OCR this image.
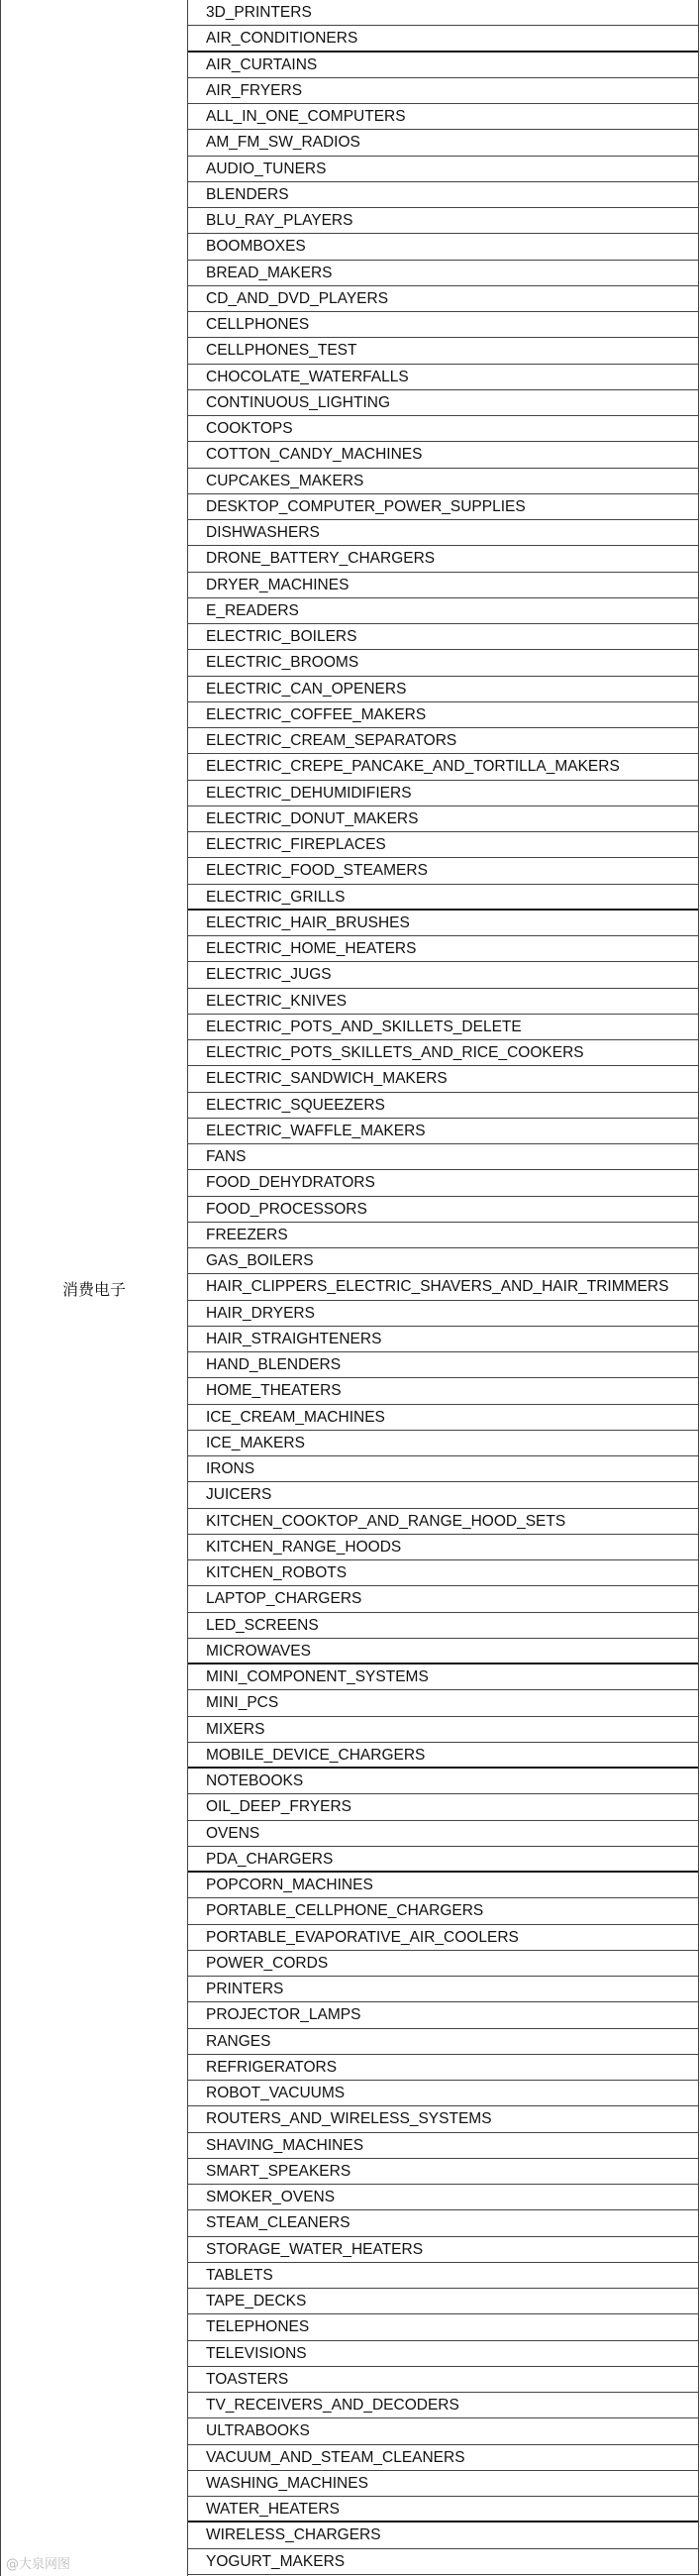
消费电子
3D_PRINTERS
AIR_CONDITIONERS
AIR_CURTAINS
AIR_FRYERS
ALL_IN_ONE_COMPUTERS
AM_FM_SW_RADIOS
AUDIO_TUNERS
BLENDERS
BLU_RAY_PLAYERS
BOOMBOXES
BREAD_MAKERS
CD_AND_DVD_PLAYERS
CELLPHONES
CELLPHONES_TEST
CHOCOLATE_WATERFALLS
CONTINUOUS_LIGHTING
COOKTOPS
COTTON_CANDY_MACHINES
CUPCAKES_MAKERS
DESKTOP_COMPUTER_POWER_SUPPLIES
DISHWASHERS
DRONE_BATTERY_CHARGERS
DRYER_MACHINES
E_READERS
ELECTRIC_BOILERS
ELECTRIC_BROOMS
ELECTRIC_CAN_OPENERS
ELECTRIC_COFFEE_MAKERS
ELECTRIC_CREAM_SEPARATORS
ELECTRIC_CREPE_PANCAKE_AND_TORTILLA_MAKERS
ELECTRIC_DEHUMIDIFIERS
ELECTRIC_DONUT_MAKERS
ELECTRIC_FIREPLACES
ELECTRIC_FOOD_STEAMERS
ELECTRIC_GRILLS
ELECTRIC_HAIR_BRUSHES
ELECTRIC_HOME_HEATERS
ELECTRIC_JUGS
ELECTRIC_KNIVES
ELECTRIC_POTS_AND_SKILLETS_DELETE
ELECTRIC_POTS_SKILLETS_AND_RICE_COOKERS
ELECTRIC_SANDWICH_MAKERS
ELECTRIC_SQUEEZERS
ELECTRIC_WAFFLE_MAKERS
FANS
FOOD_DEHYDRATORS
FOOD_PROCESSORS
FREEZERS
GAS_BOILERS
HAIR_CLIPPERS_ELECTRIC_SHAVERS_AND_HAIR_TRIMMERS
HAIR_DRYERS
HAIR_STRAIGHTENERS
HAND_BLENDERS
HOME_THEATERS
ICE_CREAM_MACHINES
ICE_MAKERS
IRONS
JUICERS
KITCHEN_COOKTOP_AND_RANGE_HOOD_SETS
KITCHEN_RANGE_HOODS
KITCHEN_ROBOTS
LAPTOP_CHARGERS
LED_SCREENS
MICROWAVES
MINI_COMPONENT_SYSTEMS
MINI_PCS
MIXERS
MOBILE_DEVICE_CHARGERS
NOTEBOOKS
OIL_DEEP_FRYERS
OVENS
PDA_CHARGERS
POPCORN_MACHINES
PORTABLE_CELLPHONE_CHARGERS
PORTABLE_EVAPORATIVE_AIR_COOLERS
POWER_CORDS
PRINTERS
PROJECTOR_LAMPS
RANGES
REFRIGERATORS
ROBOT_VACUUMS
ROUTERS_AND_WIRELESS_SYSTEMS
SHAVING_MACHINES
SMART_SPEAKERS
SMOKER_OVENS
STEAM_CLEANERS
STORAGE_WATER_HEATERS
TABLETS
TAPE_DECKS
TELEPHONES
TELEVISIONS
TOASTERS
TV_RECEIVERS_AND_DECODERS
ULTRABOOKS
VACUUM_AND_STEAM_CLEANERS
WASHING_MACHINES
WATER_HEATERS
WIRELESS_CHARGERS
YOGURT_MAKERS
@大泉网图
